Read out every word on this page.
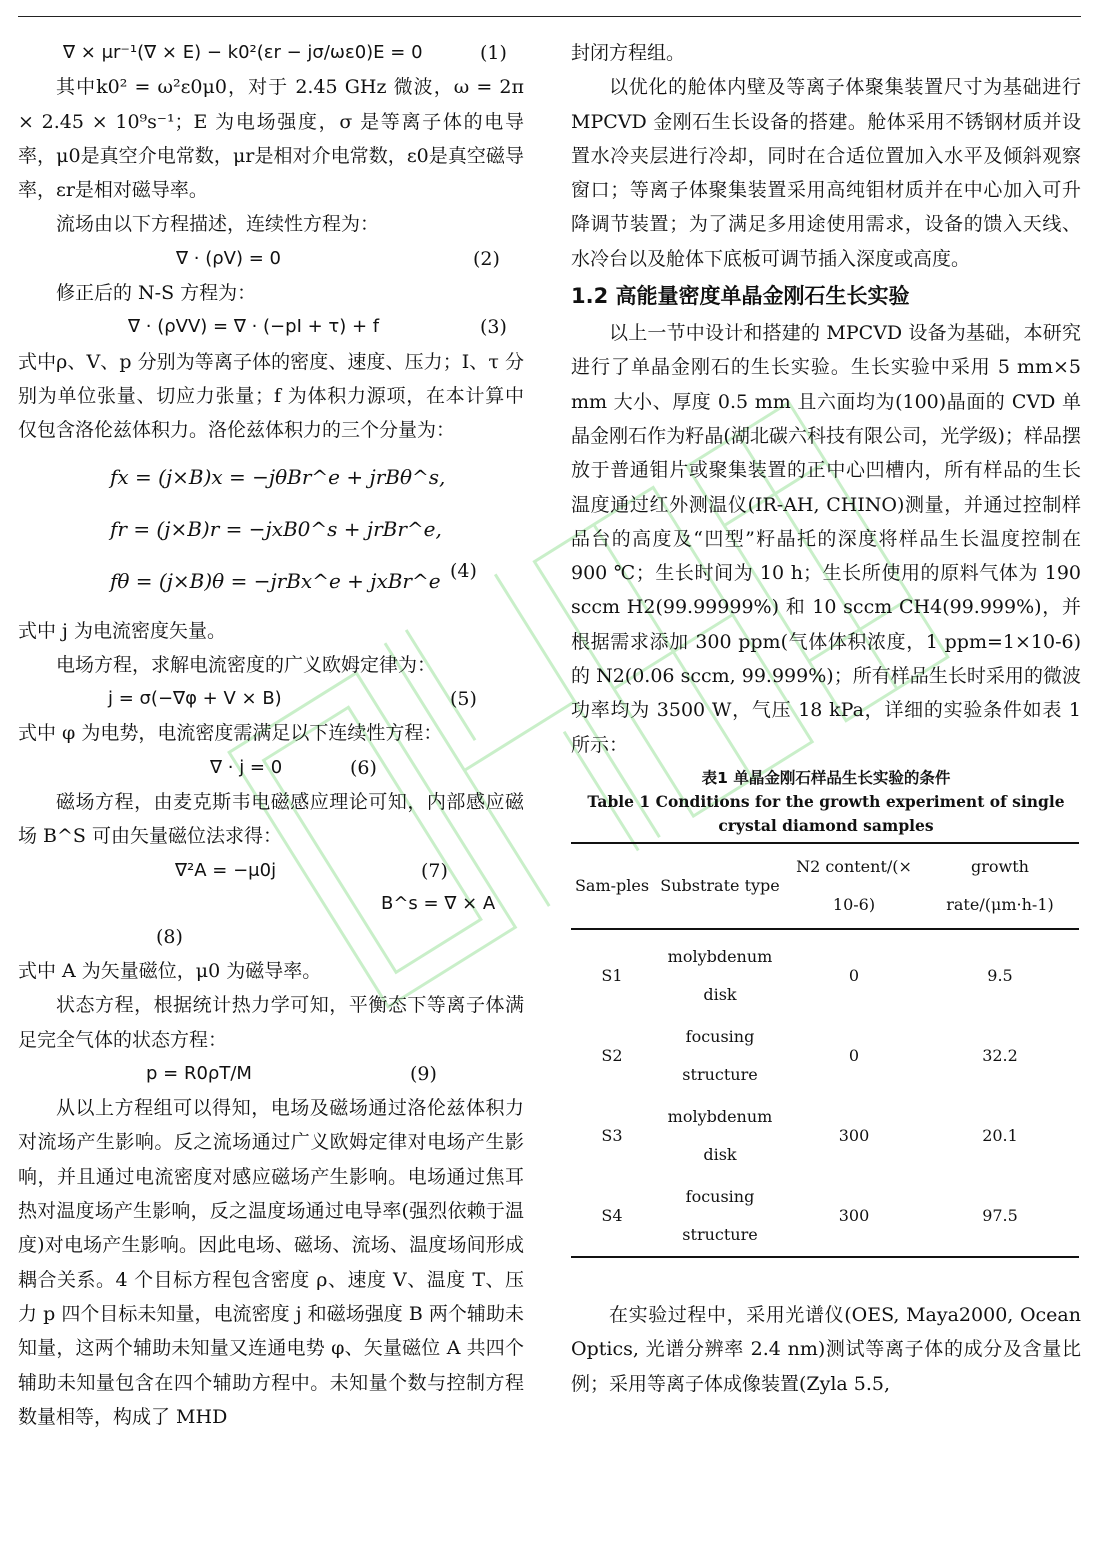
∇ × μr⁻¹(∇ × E) − k0²(εr − jσ/ωε0)E = 0	(1)

其中k0² = ω²ε0μ0，对于 2.45 GHz 微波，ω = 2π × 2.45 × 10⁹s⁻¹；E 为电场强度，σ 是等离子体的电导率，μ0是真空介电常数，μr是相对介电常数，ε0是真空磁导率，εr是相对磁导率。

流场由以下方程描述，连续性方程为：

∇ · (ρV) = 0	(2)

修正后的 N-S 方程为：

∇ · (ρVV) = ∇ · (−pI + τ) + f	(3)

式中ρ、V、p 分别为等离子体的密度、速度、压力；I、τ 分别为单位张量、切应力张量；f 为体积力源项，在本计算中仅包含洛伦兹体积力。洛伦兹体积力的三个分量为：

fx = (j×B)x = −jθBr^e + jrBθ^s,
fr = (j×B)r = −jxB0^s + jrBr^e,
fθ = (j×B)θ = −jrBx^e + jxBr^e (4)

式中 j 为电流密度矢量。

电场方程，求解电流密度的广义欧姆定律为：

j = σ(−∇φ + V × B)	(5)

式中 φ 为电势，电流密度需满足以下连续性方程：

∇ · j = 0	(6)

磁场方程，由麦克斯韦电磁感应理论可知，内部感应磁场 B^S 可由矢量磁位法求得：

∇²A = −μ0j	(7)
B^s = ∇ × A
(8)

式中 A 为矢量磁位，μ0 为磁导率。

状态方程，根据统计热力学可知，平衡态下等离子体满足完全气体的状态方程：

p = R0ρT/M	(9)

从以上方程组可以得知，电场及磁场通过洛伦兹体积力对流场产生影响。反之流场通过广义欧姆定律对电场产生影响，并且通过电流密度对感应磁场产生影响。电场通过焦耳热对温度场产生影响，反之温度场通过电导率(强烈依赖于温度)对电场产生影响。因此电场、磁场、流场、温度场间形成耦合关系。4 个目标方程包含密度 ρ、速度 V、温度 T、压力 p 四个目标未知量，电流密度 j 和磁场强度 B 两个辅助未知量，这两个辅助未知量又连通电势 φ、矢量磁位 A 共四个辅助未知量包含在四个辅助方程中。未知量个数与控制方程数量相等，构成了 MHD

封闭方程组。

以优化的舱体内壁及等离子体聚集装置尺寸为基础进行 MPCVD 金刚石生长设备的搭建。舱体采用不锈钢材质并设置水冷夹层进行冷却，同时在合适位置加入水平及倾斜观察窗口；等离子体聚集装置采用高纯钼材质并在中心加入可升降调节装置；为了满足多用途使用需求，设备的馈入天线、水冷台以及舱体下底板可调节插入深度或高度。

1.2 高能量密度单晶金刚石生长实验

以上一节中设计和搭建的 MPCVD 设备为基础，本研究进行了单晶金刚石的生长实验。生长实验中采用 5 mm×5 mm 大小、厚度 0.5 mm 且六面均为(100)晶面的 CVD 单晶金刚石作为籽晶(湖北碳六科技有限公司，光学级)；样品摆放于普通钼片或聚集装置的正中心凹槽内，所有样品的生长温度通过红外测温仪(IR-AH, CHINO)测量，并通过控制样品台的高度及“凹型”籽晶托的深度将样品生长温度控制在 900 ℃；生长时间为 10 h；生长所使用的原料气体为 190 sccm H2(99.99999%) 和 10 sccm CH4(99.999%)，并根据需求添加 300 ppm(气体体积浓度，1 ppm=1×10-6)的 N2(0.06 sccm, 99.999%)；所有样品生长时采用的微波功率均为 3500 W，气压 18 kPa，详细的实验条件如表 1 所示：

表1 单晶金刚石样品生长实验的条件
Table 1 Conditions for the growth experiment of single crystal diamond samples
Sam-ples	Substrate type	N2 content/(× 10-6)	growth rate/(μm·h-1)
S1	molybdenum disk	0	9.5
S2	focusing structure	0	32.2
S3	molybdenum disk	300	20.1
S4	focusing structure	300	97.5

在实验过程中，采用光谱仪(OES, Maya2000, Ocean Optics, 光谱分辨率 2.4 nm)测试等离子体的成分及含量比例；采用等离子体成像装置(Zyla 5.5,
